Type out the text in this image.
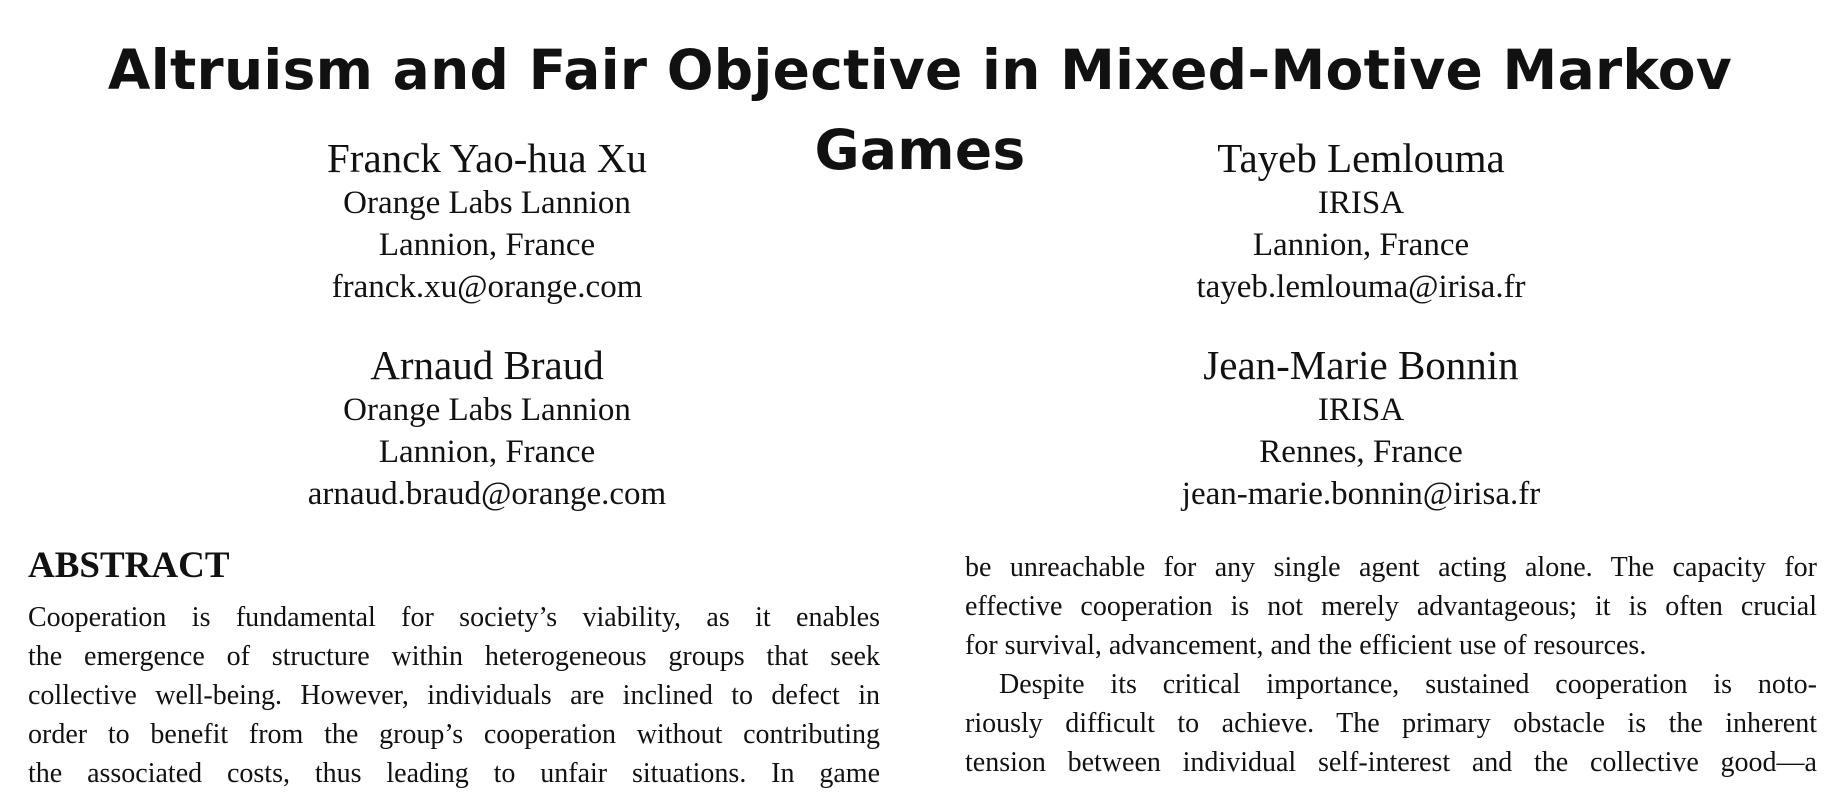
Altruism and Fair Objective in Mixed-Motive Markov Games
Franck Yao-hua Xu
Orange Labs Lannion
Lannion, France
franck.xu@orange.com
Tayeb Lemlouma
IRISA
Lannion, France
tayeb.lemlouma@irisa.fr
Arnaud Braud
Orange Labs Lannion
Lannion, France
arnaud.braud@orange.com
Jean-Marie Bonnin
IRISA
Rennes, France
jean-marie.bonnin@irisa.fr
ABSTRACT
Cooperation is fundamental for society’s viability, as it enables
the emergence of structure within heterogeneous groups that seek
collective well-being. However, individuals are inclined to defect in
order to benefit from the group’s cooperation without contributing
the associated costs, thus leading to unfair situations. In game
be unreachable for any single agent acting alone. The capacity for
effective cooperation is not merely advantageous; it is often crucial
for survival, advancement, and the efficient use of resources.
Despite its critical importance, sustained cooperation is noto-
riously difficult to achieve. The primary obstacle is the inherent
tension between individual self-interest and the collective good—a
